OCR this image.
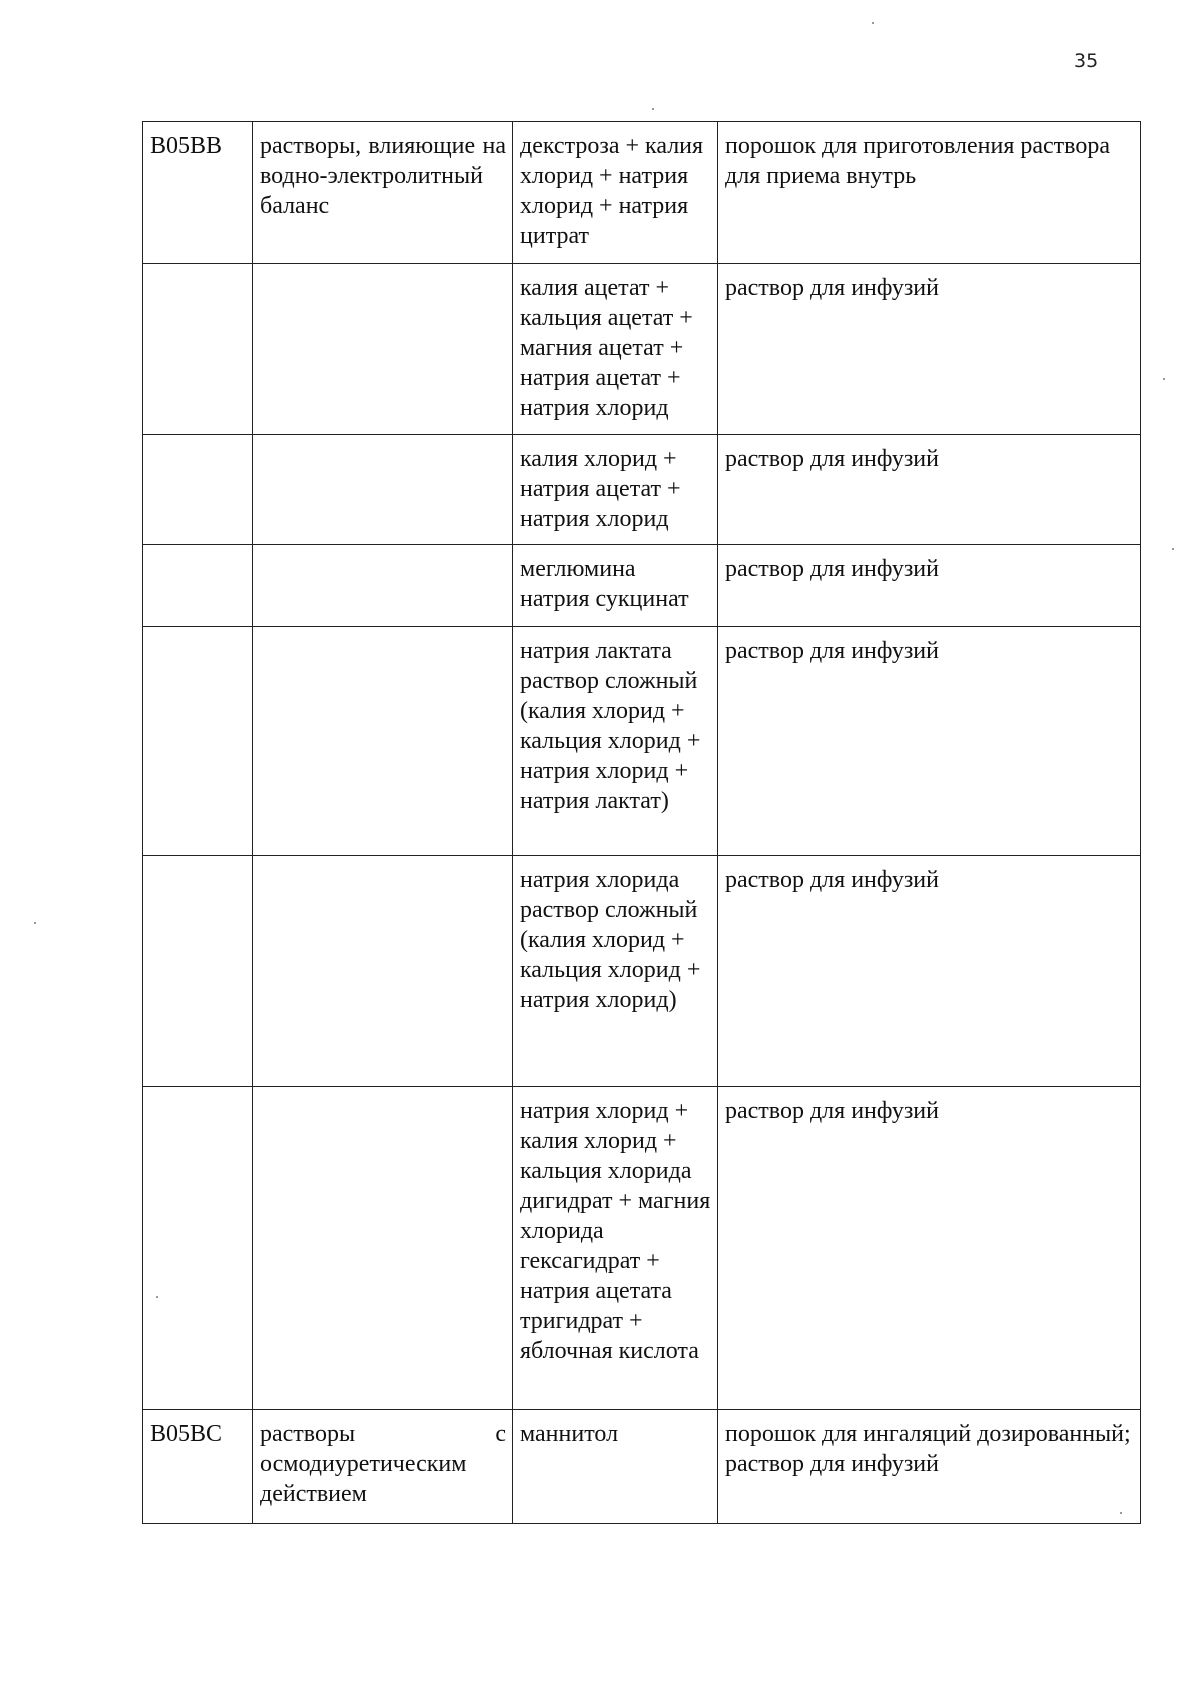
35
B05BB	растворы, влияющие на водно-электролитный баланс	декстроза + калия хлорид + натрия хлорид + натрия цитрат	порошок для приготовления раствора для приема внутрь

		калия ацетат + кальция ацетат + магния ацетат + натрия ацетат + натрия хлорид	раствор для инфузий

		калия хлорид + натрия ацетат + натрия хлорид	раствор для инфузий

		меглюмина натрия сукцинат	раствор для инфузий

		натрия лактата раствор сложный (калия хлорид + кальция хлорид + натрия хлорид + натрия лактат)	раствор для инфузий

		натрия хлорида раствор сложный (калия хлорид + кальция хлорид + натрия хлорид)	раствор для инфузий

		натрия хлорид + калия хлорид + кальция хлорида дигидрат + магния хлорида гексагидрат + натрия ацетата тригидрат + яблочная кислота	раствор для инфузий

B05BC	растворы с осмодиуретическим действием	маннитол	порошок для ингаляций дозированный;
раствор для инфузий
